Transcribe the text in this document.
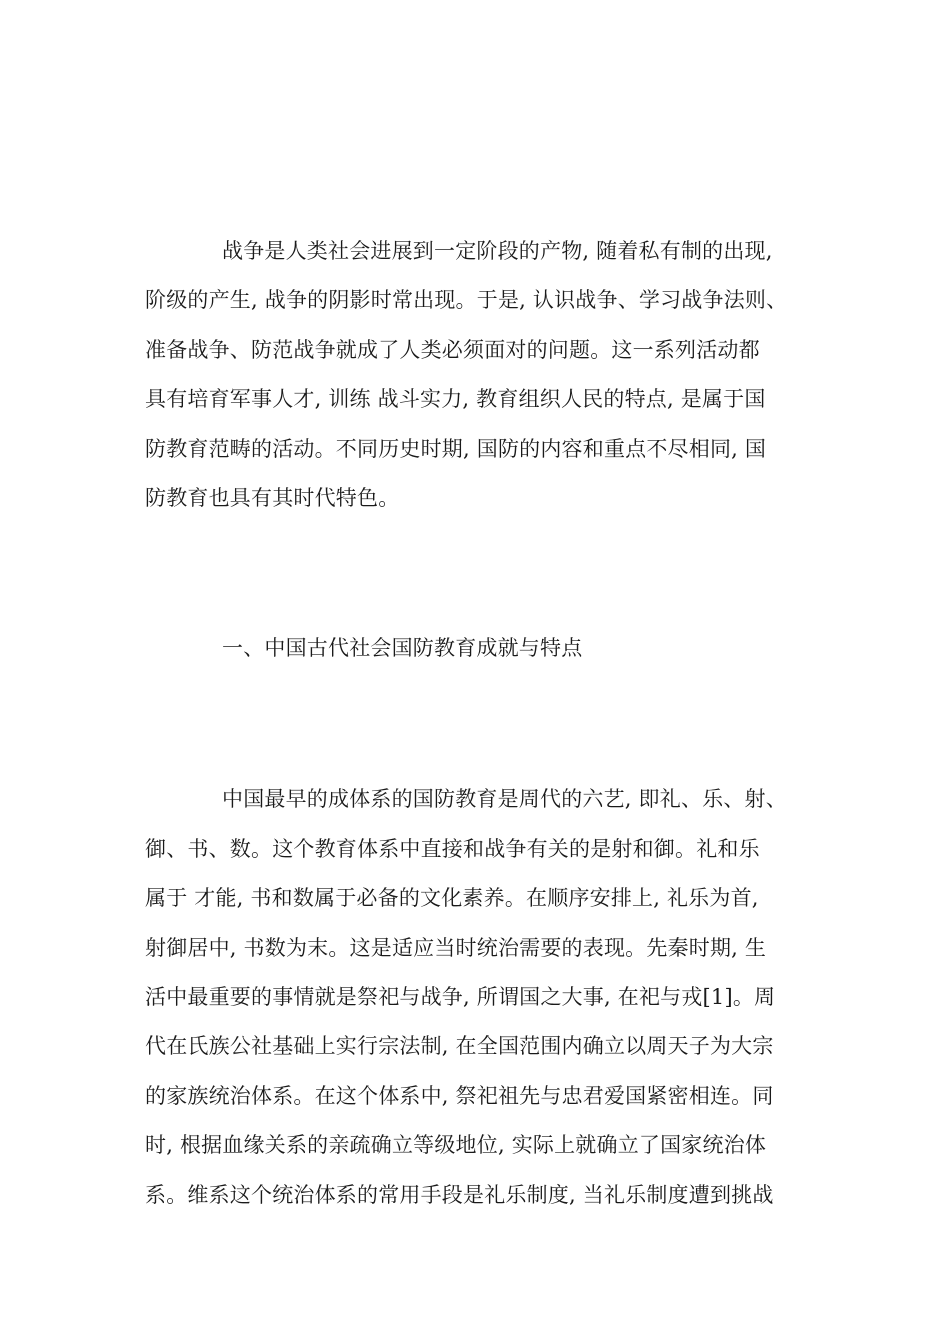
战争是人类社会进展到一定阶段的产物, 随着私有制的出现,
阶级的产生, 战争的阴影时常出现。于是, 认识战争、学习战争法则、
准备战争、防范战争就成了人类必须面对的问题。这一系列活动都
具有培育军事人才, 训练 战斗实力, 教育组织人民的特点, 是属于国
防教育范畴的活动。不同历史时期, 国防的内容和重点不尽相同, 国
防教育也具有其时代特色。
一、中国古代社会国防教育成就与特点
中国最早的成体系的国防教育是周代的六艺, 即礼、乐、射、
御、书、数。这个教育体系中直接和战争有关的是射和御。礼和乐
属于 才能, 书和数属于必备的文化素养。在顺序安排上, 礼乐为首,
射御居中, 书数为末。这是适应当时统治需要的表现。先秦时期, 生
活中最重要的事情就是祭祀与战争, 所谓国之大事, 在祀与戎[1]。周
代在氏族公社基础上实行宗法制, 在全国范围内确立以周天子为大宗
的家族统治体系。在这个体系中, 祭祀祖先与忠君爱国紧密相连。同
时, 根据血缘关系的亲疏确立等级地位, 实际上就确立了国家统治体
系。维系这个统治体系的常用手段是礼乐制度, 当礼乐制度遭到挑战
